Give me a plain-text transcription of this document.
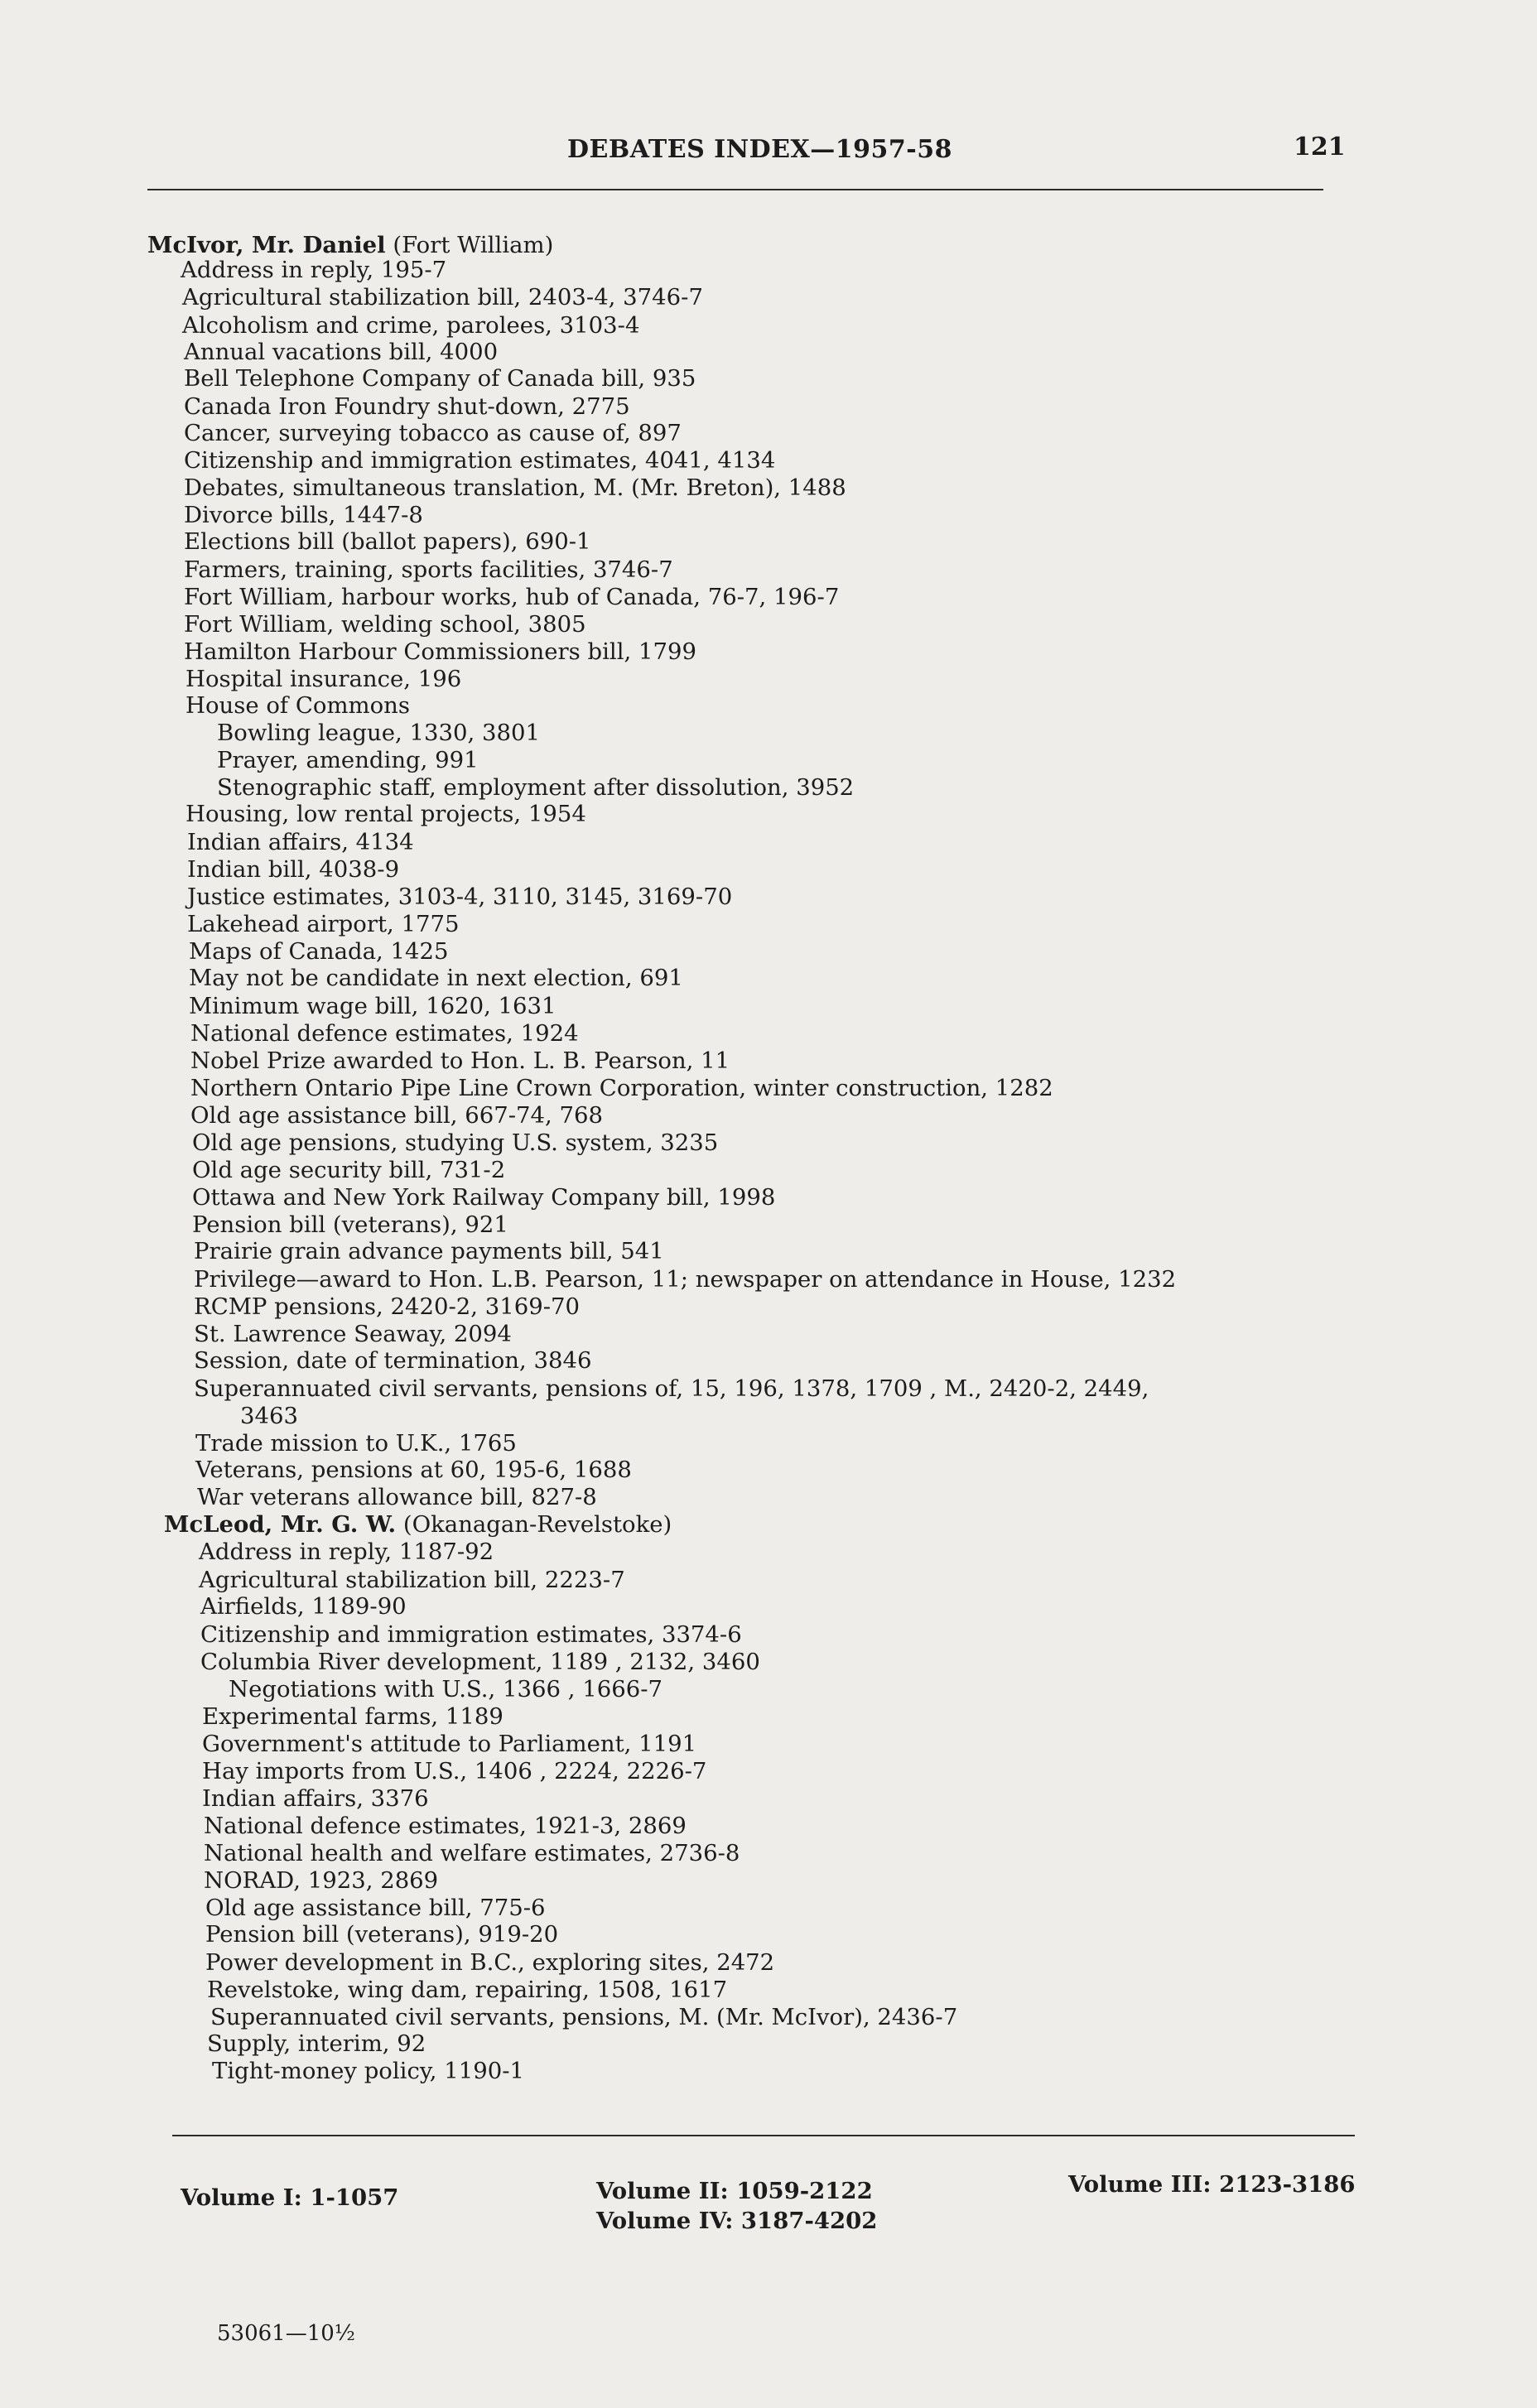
DEBATES INDEX—1957-58	121
McIvor, Mr. Daniel (Fort William)
Address in reply, 195-7
Agricultural stabilization bill, 2403-4, 3746-7
Alcoholism and crime, parolees, 3103-4
Annual vacations bill, 4000
Bell Telephone Company of Canada bill, 935
Canada Iron Foundry shut-down, 2775
Cancer, surveying tobacco as cause of, 897
Citizenship and immigration estimates, 4041, 4134
Debates, simultaneous translation, M. (Mr. Breton), 1488
Divorce bills, 1447-8
Elections bill (ballot papers), 690-1
Farmers, training, sports facilities, 3746-7
Fort William, harbour works, hub of Canada, 76-7, 196-7
Fort William, welding school, 3805
Hamilton Harbour Commissioners bill, 1799
Hospital insurance, 196
House of Commons
Bowling league, 1330, 3801
Prayer, amending, 991
Stenographic staff, employment after dissolution, 3952
Housing, low rental projects, 1954
Indian affairs, 4134
Indian bill, 4038-9
Justice estimates, 3103-4, 3110, 3145, 3169-70
Lakehead airport, 1775
Maps of Canada, 1425
May not be candidate in next election, 691
Minimum wage bill, 1620, 1631
National defence estimates, 1924
Nobel Prize awarded to Hon. L. B. Pearson, 11
Northern Ontario Pipe Line Crown Corporation, winter construction, 1282
Old age assistance bill, 667-74, 768
Old age pensions, studying U.S. system, 3235
Old age security bill, 731-2
Ottawa and New York Railway Company bill, 1998
Pension bill (veterans), 921
Prairie grain advance payments bill, 541
Privilege—award to Hon. L.B. Pearson, 11; newspaper on attendance in House, 1232
RCMP pensions, 2420-2, 3169-70
St. Lawrence Seaway, 2094
Session, date of termination, 3846
Superannuated civil servants, pensions of, 15, 196, 1378, 1709 , M., 2420-2, 2449,
3463
Trade mission to U.K., 1765
Veterans, pensions at 60, 195-6, 1688
War veterans allowance bill, 827-8
McLeod, Mr. G. W. (Okanagan-Revelstoke)
Address in reply, 1187-92
Agricultural stabilization bill, 2223-7
Airfields, 1189-90
Citizenship and immigration estimates, 3374-6
Columbia River development, 1189 , 2132, 3460
Negotiations with U.S., 1366 , 1666-7
Experimental farms, 1189
Government's attitude to Parliament, 1191
Hay imports from U.S., 1406 , 2224, 2226-7
Indian affairs, 3376
National defence estimates, 1921-3, 2869
National health and welfare estimates, 2736-8
NORAD, 1923, 2869
Old age assistance bill, 775-6
Pension bill (veterans), 919-20
Power development in B.C., exploring sites, 2472
Revelstoke, wing dam, repairing, 1508, 1617
Superannuated civil servants, pensions, M. (Mr. McIvor), 2436-7
Supply, interim, 92
Tight-money policy, 1190-1
Volume I: 1-1057	Volume II: 1059-2122	Volume III: 2123-3186
Volume IV: 3187-4202
53061—10½
